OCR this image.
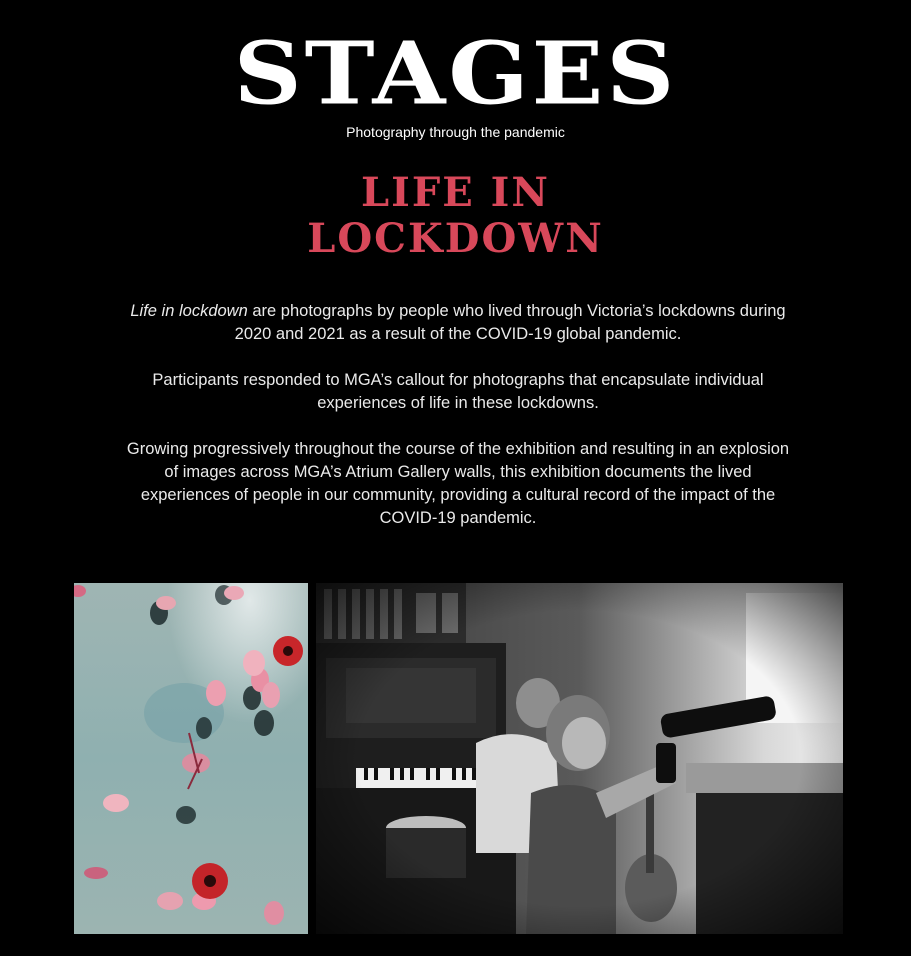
STAGES
Photography through the pandemic
LIFE IN
LOCKDOWN

Life in lockdown are photographs by people who lived through Victoria’s lockdowns during 2020 and 2021 as a result of the COVID-19 global pandemic.

Participants responded to MGA’s callout for photographs that encapsulate individual experiences of life in these lockdowns.

Growing progressively throughout the course of the exhibition and resulting in an explosion of images across MGA’s Atrium Gallery walls, this exhibition documents the lived experiences of people in our community, providing a cultural record of the impact of the COVID-19 pandemic.
